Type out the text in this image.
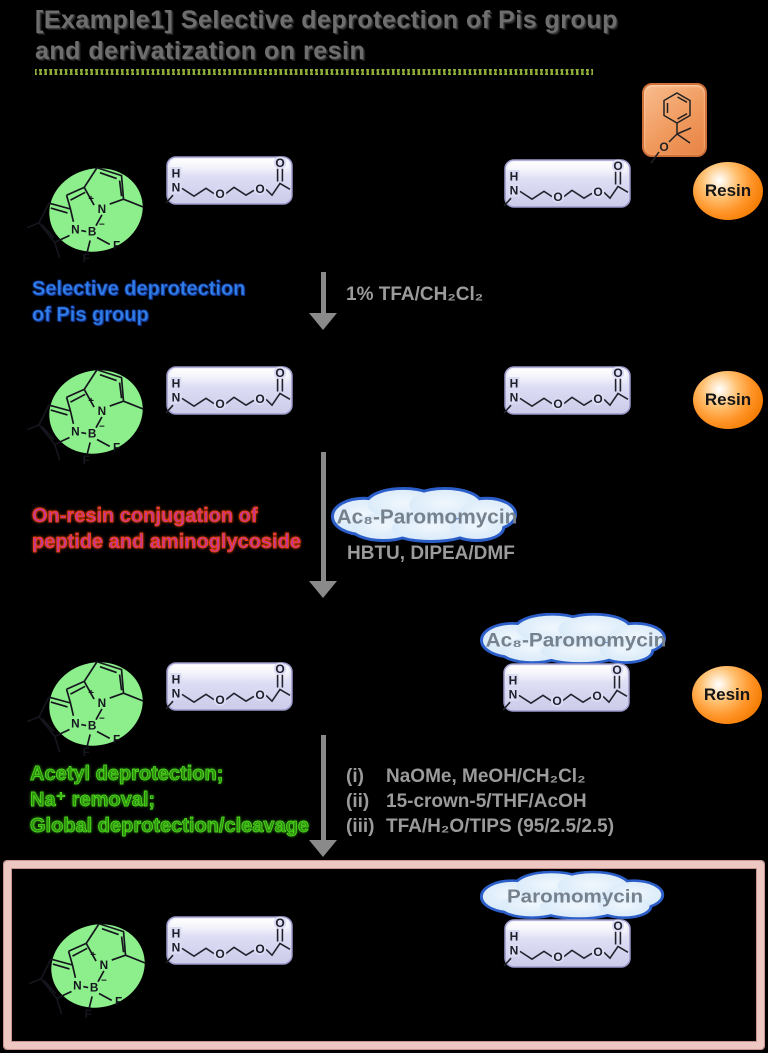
[Example1] Selective deprotection of Pis group
and derivatization on resin
O
Selective deprotection
of Pis group
1% TFA/CH₂Cl₂
On-resin conjugation of
peptide and aminoglycoside
HBTU, DIPEA/DMF
Acetyl deprotection;
Na⁺ removal;
Global deprotection/cleavage
(i)	NaOMe, MeOH/CH₂Cl₂
(ii) 15-crown-5/THF/AcOH
(iii) TFA/H₂O/TIPS (95/2.5/2.5)
N
+
N B
−
F
F
H
N	O	O
O
H
N	O	O
O
Resin
N
+
N B
−
F
F
H
N	O	O
O
H
N	O	O
O
Resin
Ac₈-Paromomycin
N
+
N B
−
F
F
H
N	O	O
O
Ac₈-Paromomycin
H
N	O	O
O
Resin
N
+
N B
−
F
F
H
N	O	O
O
Paromomycin
H
N	O	O
O
